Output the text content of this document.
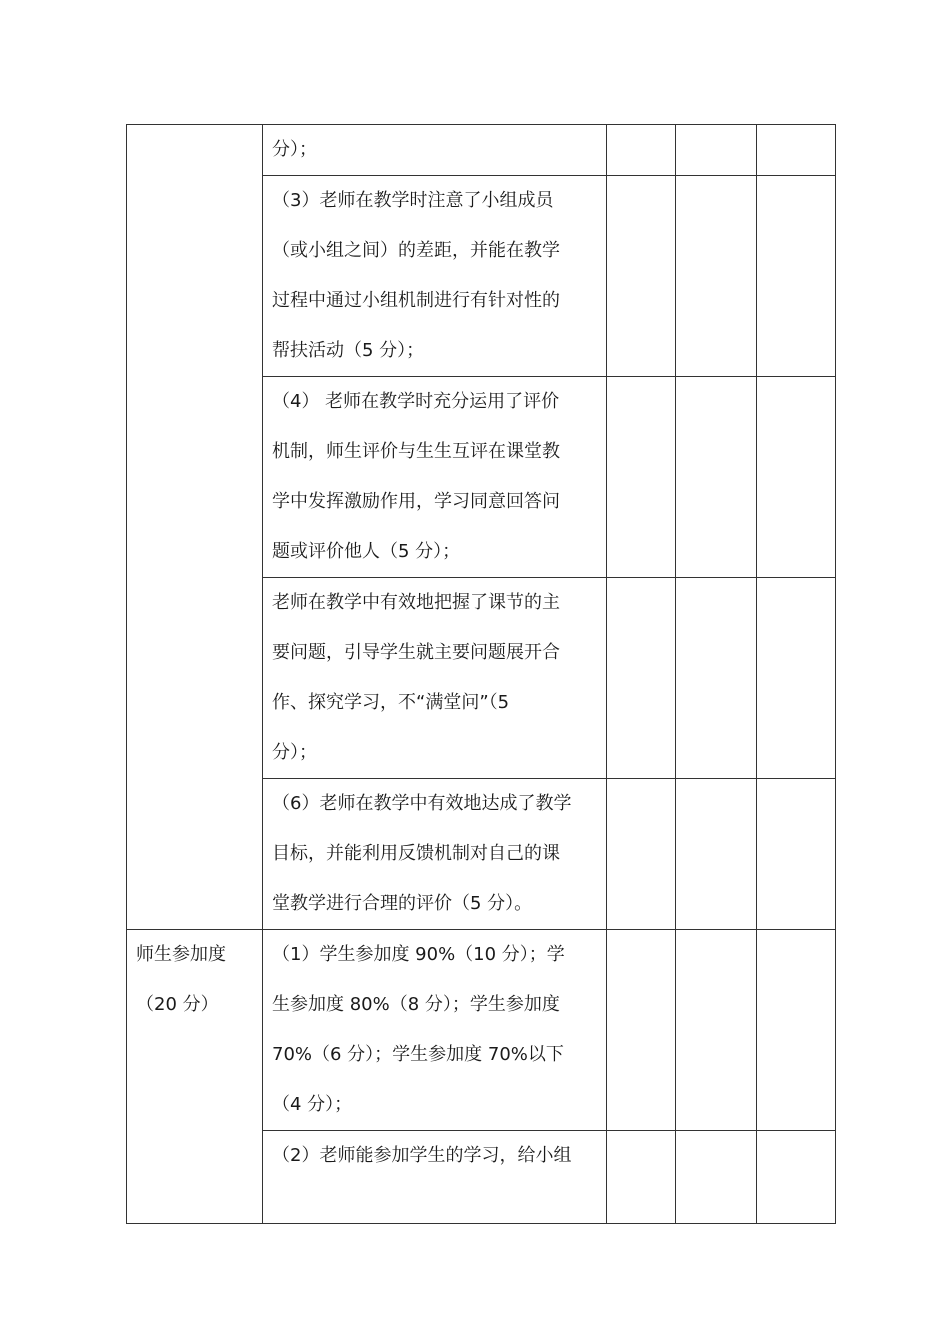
	分）；			

	（3）老师在教学时注意了小组成员
（或小组之间）的差距，并能在教学
过程中通过小组机制进行有针对性的
帮扶活动（5 分）；			

	（4） 老师在教学时充分运用了评价
机制，师生评价与生生互评在课堂教
学中发挥激励作用，学习同意回答问
题或评价他人（5 分）；			

	老师在教学中有效地把握了课节的主
要问题，引导学生就主要问题展开合
作、探究学习，不“满堂问”（5
分）；			

	（6）老师在教学中有效地达成了教学
目标，并能利用反馈机制对自己的课
堂教学进行合理的评价（5 分）。			

师生参加度
（20 分）	（1）学生参加度 90%（10 分）；学
生参加度 80%（8 分）；学生参加度
70%（6 分）；学生参加度 70%以下
（4 分）；			

	（2）老师能参加学生的学习，给小组			
